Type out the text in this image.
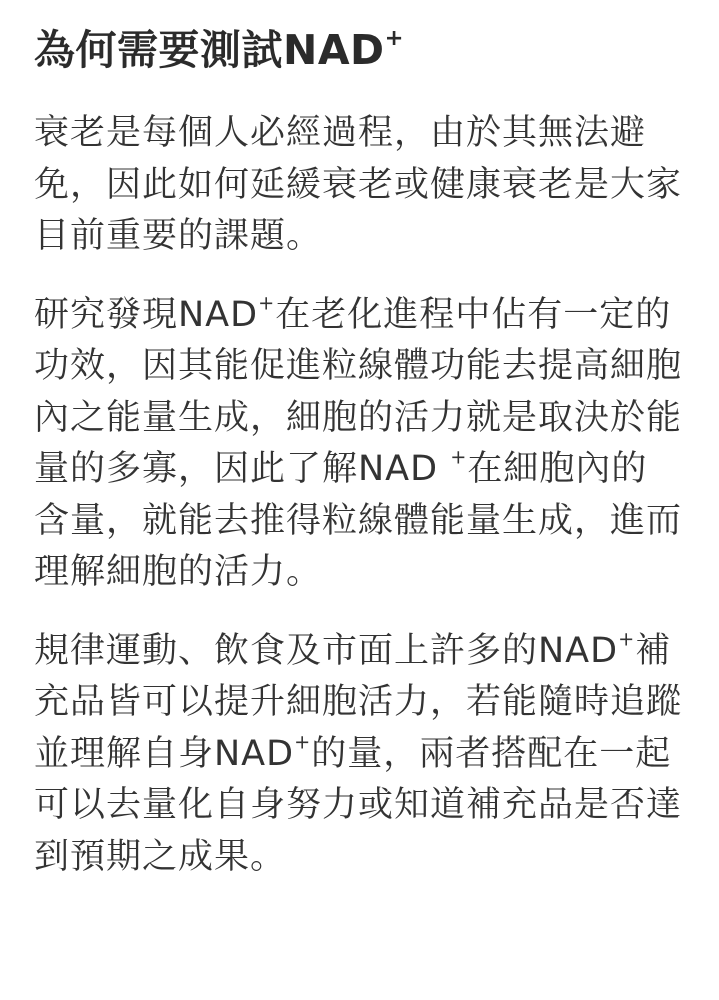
為何需要測試NAD+

衰老是每個人必經過程，由於其無法避免，因此如何延緩衰老或健康衰老是大家目前重要的課題。

研究發現NAD+在老化進程中佔有一定的功效，因其能促進粒線體功能去提高細胞內之能量生成，細胞的活力就是取決於能量的多寡，因此了解NAD +在細胞內的含量，就能去推得粒線體能量生成，進而理解細胞的活力。

規律運動、飲食及市面上許多的NAD+補充品皆可以提升細胞活力，若能隨時追蹤並理解自身NAD+的量，兩者搭配在一起可以去量化自身努力或知道補充品是否達到預期之成果。
